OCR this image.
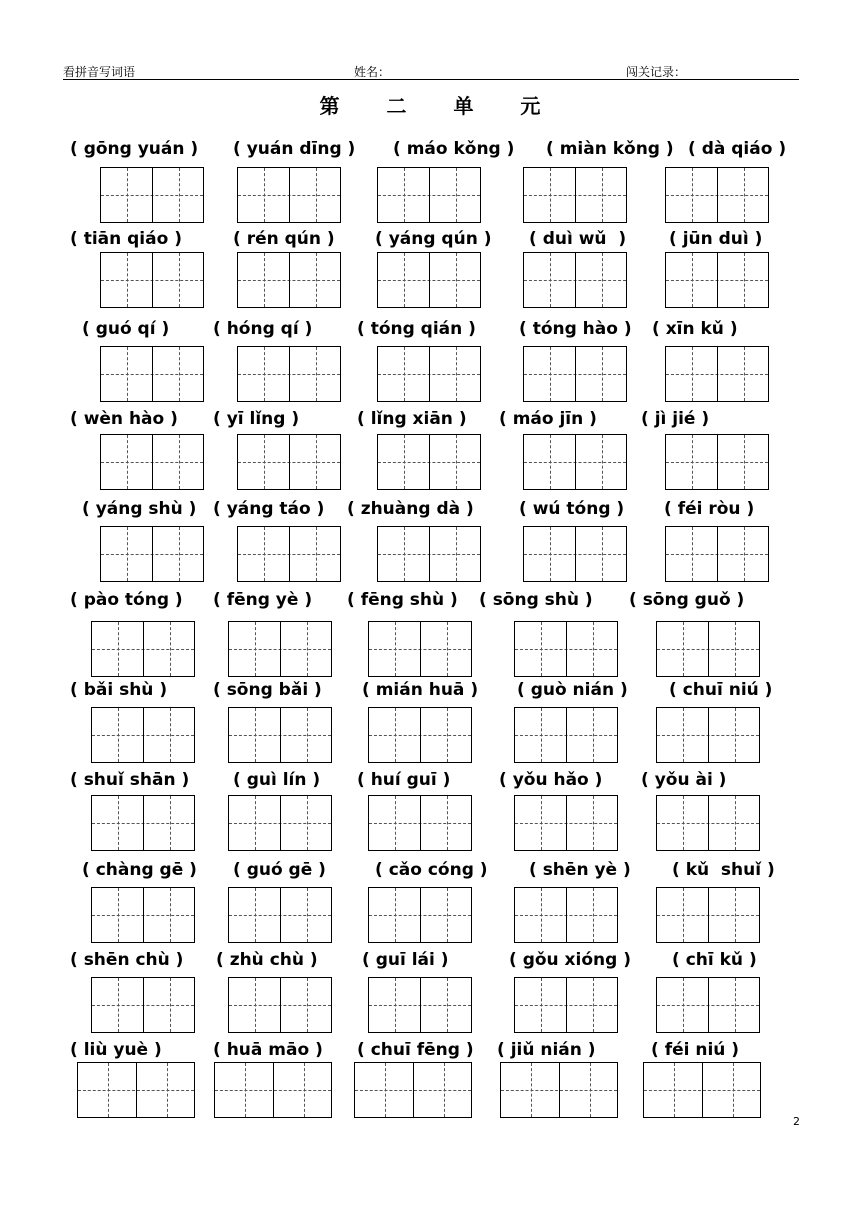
看拼音写词语	姓名：	闯关记录：
第 二 单 元
( gōng yuán ) ( yuán dīng ) ( máo kǒng ) ( miàn kǒng ) ( dà qiáo )
( tiān qiáo )	( rén qún ) ( yáng qún ) ( duì wǔ  )	( jūn duì )
( guó qí )	( hóng qí )	( tóng qián )	( tóng hào ) ( xīn kǔ )
( wèn hào ) ( yī lǐng )	( lǐng xiān ) ( máo jīn )	( jì jié )
( yáng shù ) ( yáng táo ) ( zhuàng dà )	( wú tóng ) ( féi ròu )
( pào tóng ) ( fēng yè ) ( fēng shù ) ( sōng shù ) ( sōng guǒ )
( bǎi shù )	( sōng bǎi ) ( mián huā ) ( guò nián ) ( chuī niú )
( shuǐ shān )	( guì lín ) ( huí guī )	( yǒu hǎo ) ( yǒu ài )
( chàng gē ) ( guó gē )	( cǎo cóng ) ( shēn yè ) ( kǔ  shuǐ )
( shēn chù ) ( zhù chù )	( guī lái )	( gǒu xióng ) ( chī kǔ )
( liù yuè )	( huā māo ) ( chuī fēng ) ( jiǔ nián )	( féi niú )
2
